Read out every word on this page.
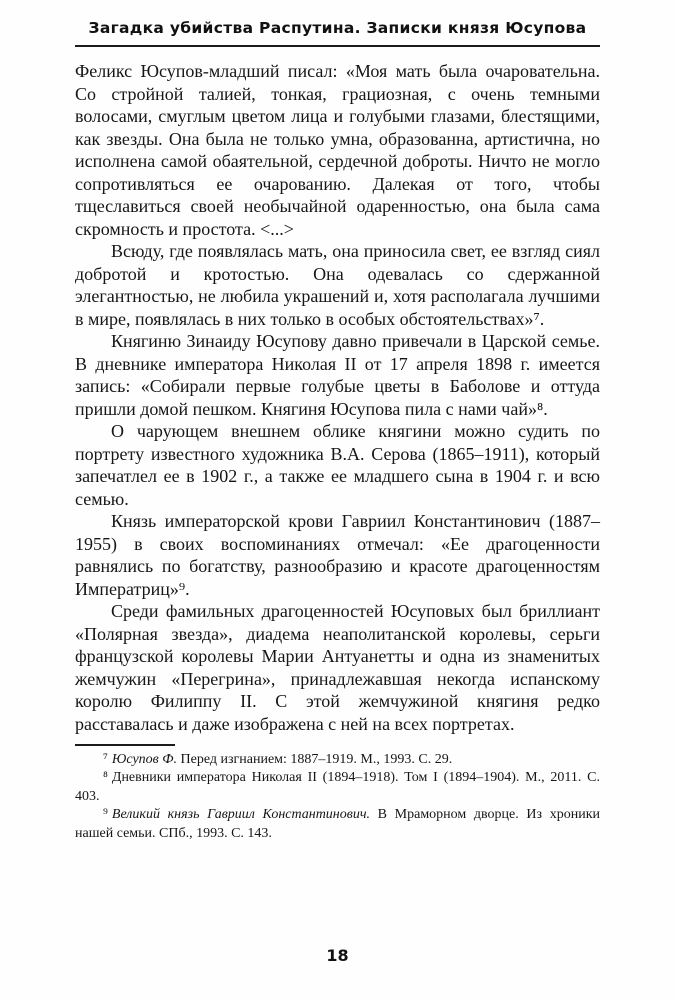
Загадка убийства Распутина. Записки князя Юсупова

Феликс Юсупов-младший писал: «Моя мать была очаровательна. Со стройной талией, тонкая, грациозная, с очень темными волосами, смуглым цветом лица и голубыми глазами, блестящими, как звезды. Она была не только умна, образованна, артистична, но исполнена самой обаятельной, сердечной доброты. Ничто не могло сопротивляться ее очарованию. Далекая от того, чтобы тщеславиться своей необычайной одаренностью, она была сама скромность и простота. <...>

Всюду, где появлялась мать, она приносила свет, ее взгляд сиял добротой и кротостью. Она одевалась со сдержанной элегантностью, не любила украшений и, хотя располагала лучшими в мире, появлялась в них только в особых обстоятельствах»⁷.

Княгиню Зинаиду Юсупову давно привечали в Царской семье. В дневнике императора Николая II от 17 апреля 1898 г. имеется запись: «Собирали первые голубые цветы в Баболове и оттуда пришли домой пешком. Княгиня Юсупова пила с нами чай»⁸.

О чарующем внешнем облике княгини можно судить по портрету известного художника В.А. Серова (1865–1911), который запечатлел ее в 1902 г., а также ее младшего сына в 1904 г. и всю семью.

Князь императорской крови Гавриил Константинович (1887–1955) в своих воспоминаниях отмечал: «Ее драгоценности равнялись по богатству, разнообразию и красоте драгоценностям Императриц»⁹.

Среди фамильных драгоценностей Юсуповых был бриллиант «Полярная звезда», диадема неаполитанской королевы, серьги французской королевы Марии Антуанетты и одна из знаменитых жемчужин «Перегрина», принадлежавшая некогда испанскому королю Филиппу II. С этой жемчужиной княгиня редко расставалась и даже изображена с ней на всех портретах.

⁷ Юсупов Ф. Перед изгнанием: 1887–1919. М., 1993. С. 29.

⁸ Дневники императора Николая II (1894–1918). Том I (1894–1904). М., 2011. С. 403.

⁹ Великий князь Гавриил Константинович. В Мраморном дворце. Из хроники нашей семьи. СПб., 1993. С. 143.

18
